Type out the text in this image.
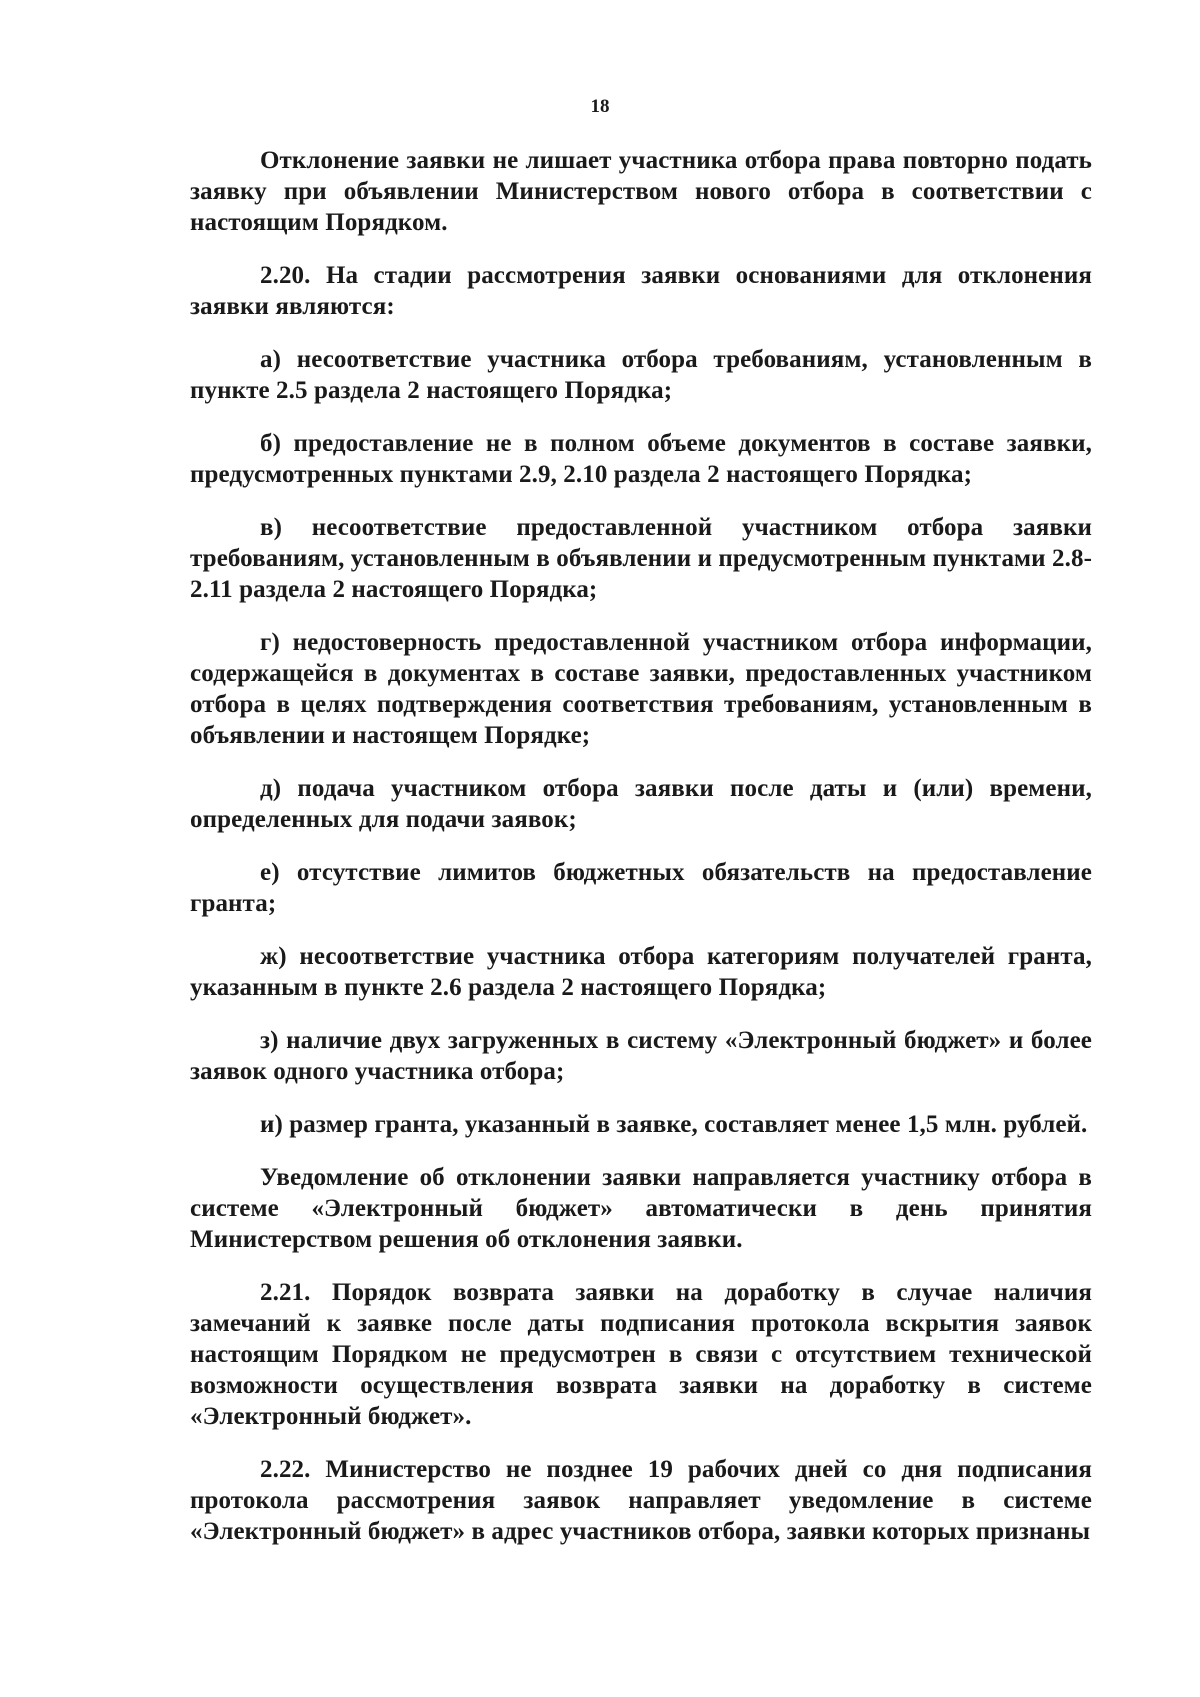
18

Отклонение заявки не лишает участника отбора права повторно подать заявку при объявлении Министерством нового отбора в соответствии с настоящим Порядком.

2.20. На стадии рассмотрения заявки основаниями для отклонения заявки являются:

а) несоответствие участника отбора требованиям, установленным в пункте 2.5 раздела 2 настоящего Порядка;

б) предоставление не в полном объеме документов в составе заявки, предусмотренных пунктами 2.9, 2.10 раздела 2 настоящего Порядка;

в) несоответствие предоставленной участником отбора заявки требованиям, установленным в объявлении и предусмотренным пунктами 2.8-2.11 раздела 2 настоящего Порядка;

г) недостоверность предоставленной участником отбора информации, содержащейся в документах в составе заявки, предоставленных участником отбора в целях подтверждения соответствия требованиям, установленным в объявлении и настоящем Порядке;

д) подача участником отбора заявки после даты и (или) времени, определенных для подачи заявок;

е) отсутствие лимитов бюджетных обязательств на предоставление гранта;

ж) несоответствие участника отбора категориям получателей гранта, указанным в пункте 2.6 раздела 2 настоящего Порядка;

з) наличие двух загруженных в систему «Электронный бюджет» и более заявок одного участника отбора;

и) размер гранта, указанный в заявке, составляет менее 1,5 млн. рублей.

Уведомление об отклонении заявки направляется участнику отбора в системе «Электронный бюджет» автоматически в день принятия Министерством решения об отклонения заявки.

2.21. Порядок возврата заявки на доработку в случае наличия замечаний к заявке после даты подписания протокола вскрытия заявок настоящим Порядком не предусмотрен в связи с отсутствием технической возможности осуществления возврата заявки на доработку в системе «Электронный бюджет».

2.22. Министерство не позднее 19 рабочих дней со дня подписания протокола рассмотрения заявок направляет уведомление в системе «Электронный бюджет» в адрес участников отбора, заявки которых признаны
